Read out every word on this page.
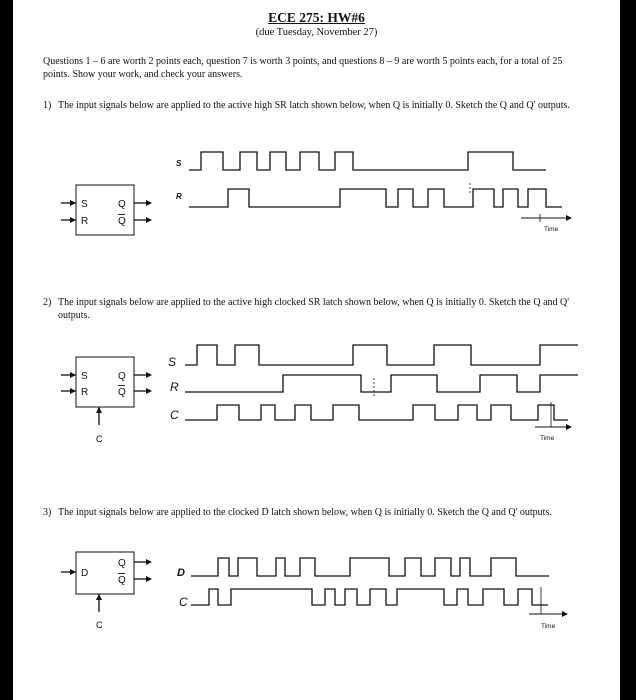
ECE 275: HW#6
(due Tuesday, November 27)
Questions 1 – 6 are worth 2 points each, question 7 is worth 3 points, and questions 8 – 9 are worth 5 points each, for a total of 25 points. Show your work, and check your answers.
1) The input signals below are applied to the active high SR latch shown below, when Q is initially 0. Sketch the Q and Q' outputs.
2) The input signals below are applied to the active high clocked SR latch shown below, when Q is initially 0. Sketch the Q and Q' outputs.
3) The input signals below are applied to the clocked D latch shown below, when Q is initially 0. Sketch the Q and Q' outputs.
S
R
Q
Q
S
R
Time
S
R
Q
Q
C
S
R
C
Time
D
Q
Q
C
D
C
Time
